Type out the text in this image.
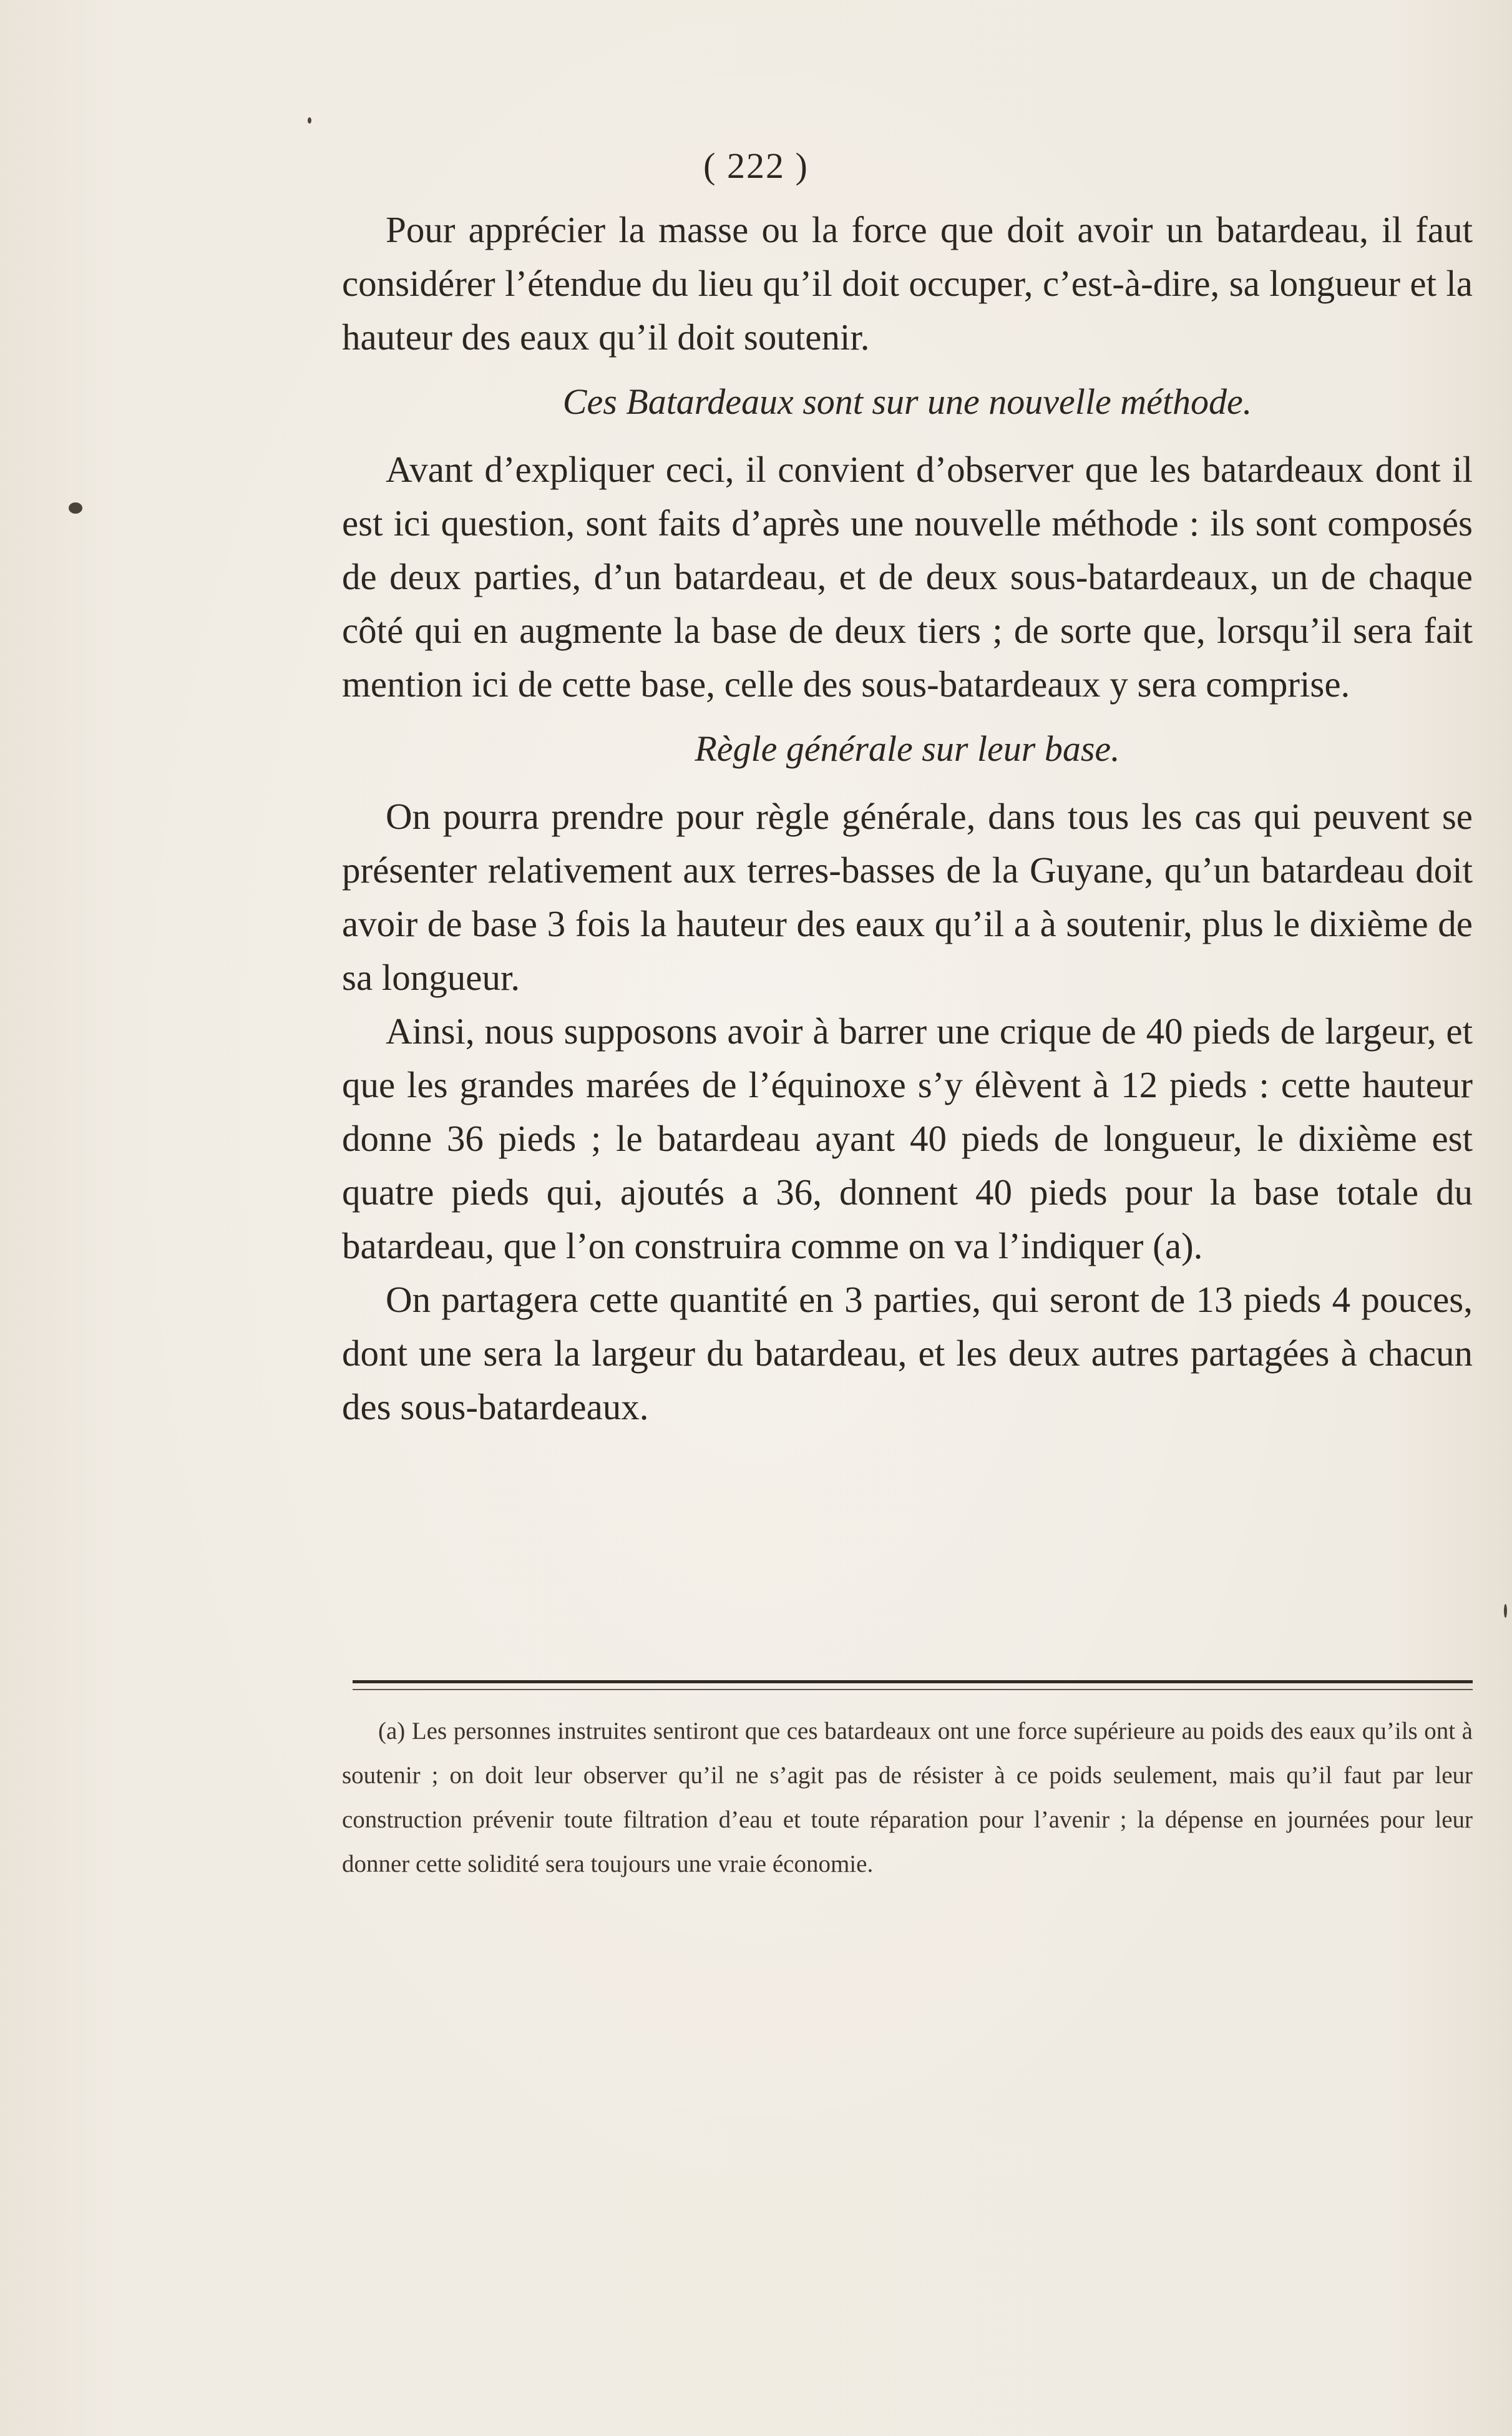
( 222 )

Pour apprécier la masse ou la force que doit avoir un batardeau, il faut considérer l’étendue du lieu qu’il doit occuper, c’est-à-dire, sa longueur et la hauteur des eaux qu’il doit soutenir.

Ces Batardeaux sont sur une nouvelle méthode.

Avant d’expliquer ceci, il convient d’observer que les batardeaux dont il est ici question, sont faits d’après une nouvelle méthode : ils sont composés de deux parties, d’un batardeau, et de deux sous-batardeaux, un de chaque côté qui en augmente la base de deux tiers ; de sorte que, lorsqu’il sera fait mention ici de cette base, celle des sous-batardeaux y sera comprise.

Règle générale sur leur base.

On pourra prendre pour règle générale, dans tous les cas qui peuvent se présenter relativement aux terres-basses de la Guyane, qu’un batardeau doit avoir de base 3 fois la hauteur des eaux qu’il a à soutenir, plus le dixième de sa longueur.

Ainsi, nous supposons avoir à barrer une crique de 40 pieds de largeur, et que les grandes marées de l’équinoxe s’y élèvent à 12 pieds : cette hauteur donne 36 pieds ; le batardeau ayant 40 pieds de longueur, le dixième est quatre pieds qui, ajoutés a 36, donnent 40 pieds pour la base totale du batardeau, que l’on construira comme on va l’indiquer (a).

On partagera cette quantité en 3 parties, qui seront de 13 pieds 4 pouces, dont une sera la largeur du batardeau, et les deux autres partagées à chacun des sous-batardeaux.

(a) Les personnes instruites sentiront que ces batardeaux ont une force supérieure au poids des eaux qu’ils ont à soutenir ; on doit leur observer qu’il ne s’agit pas de résister à ce poids seulement, mais qu’il faut par leur construction prévenir toute filtration d’eau et toute réparation pour l’avenir ; la dépense en journées pour leur donner cette solidité sera toujours une vraie économie.
